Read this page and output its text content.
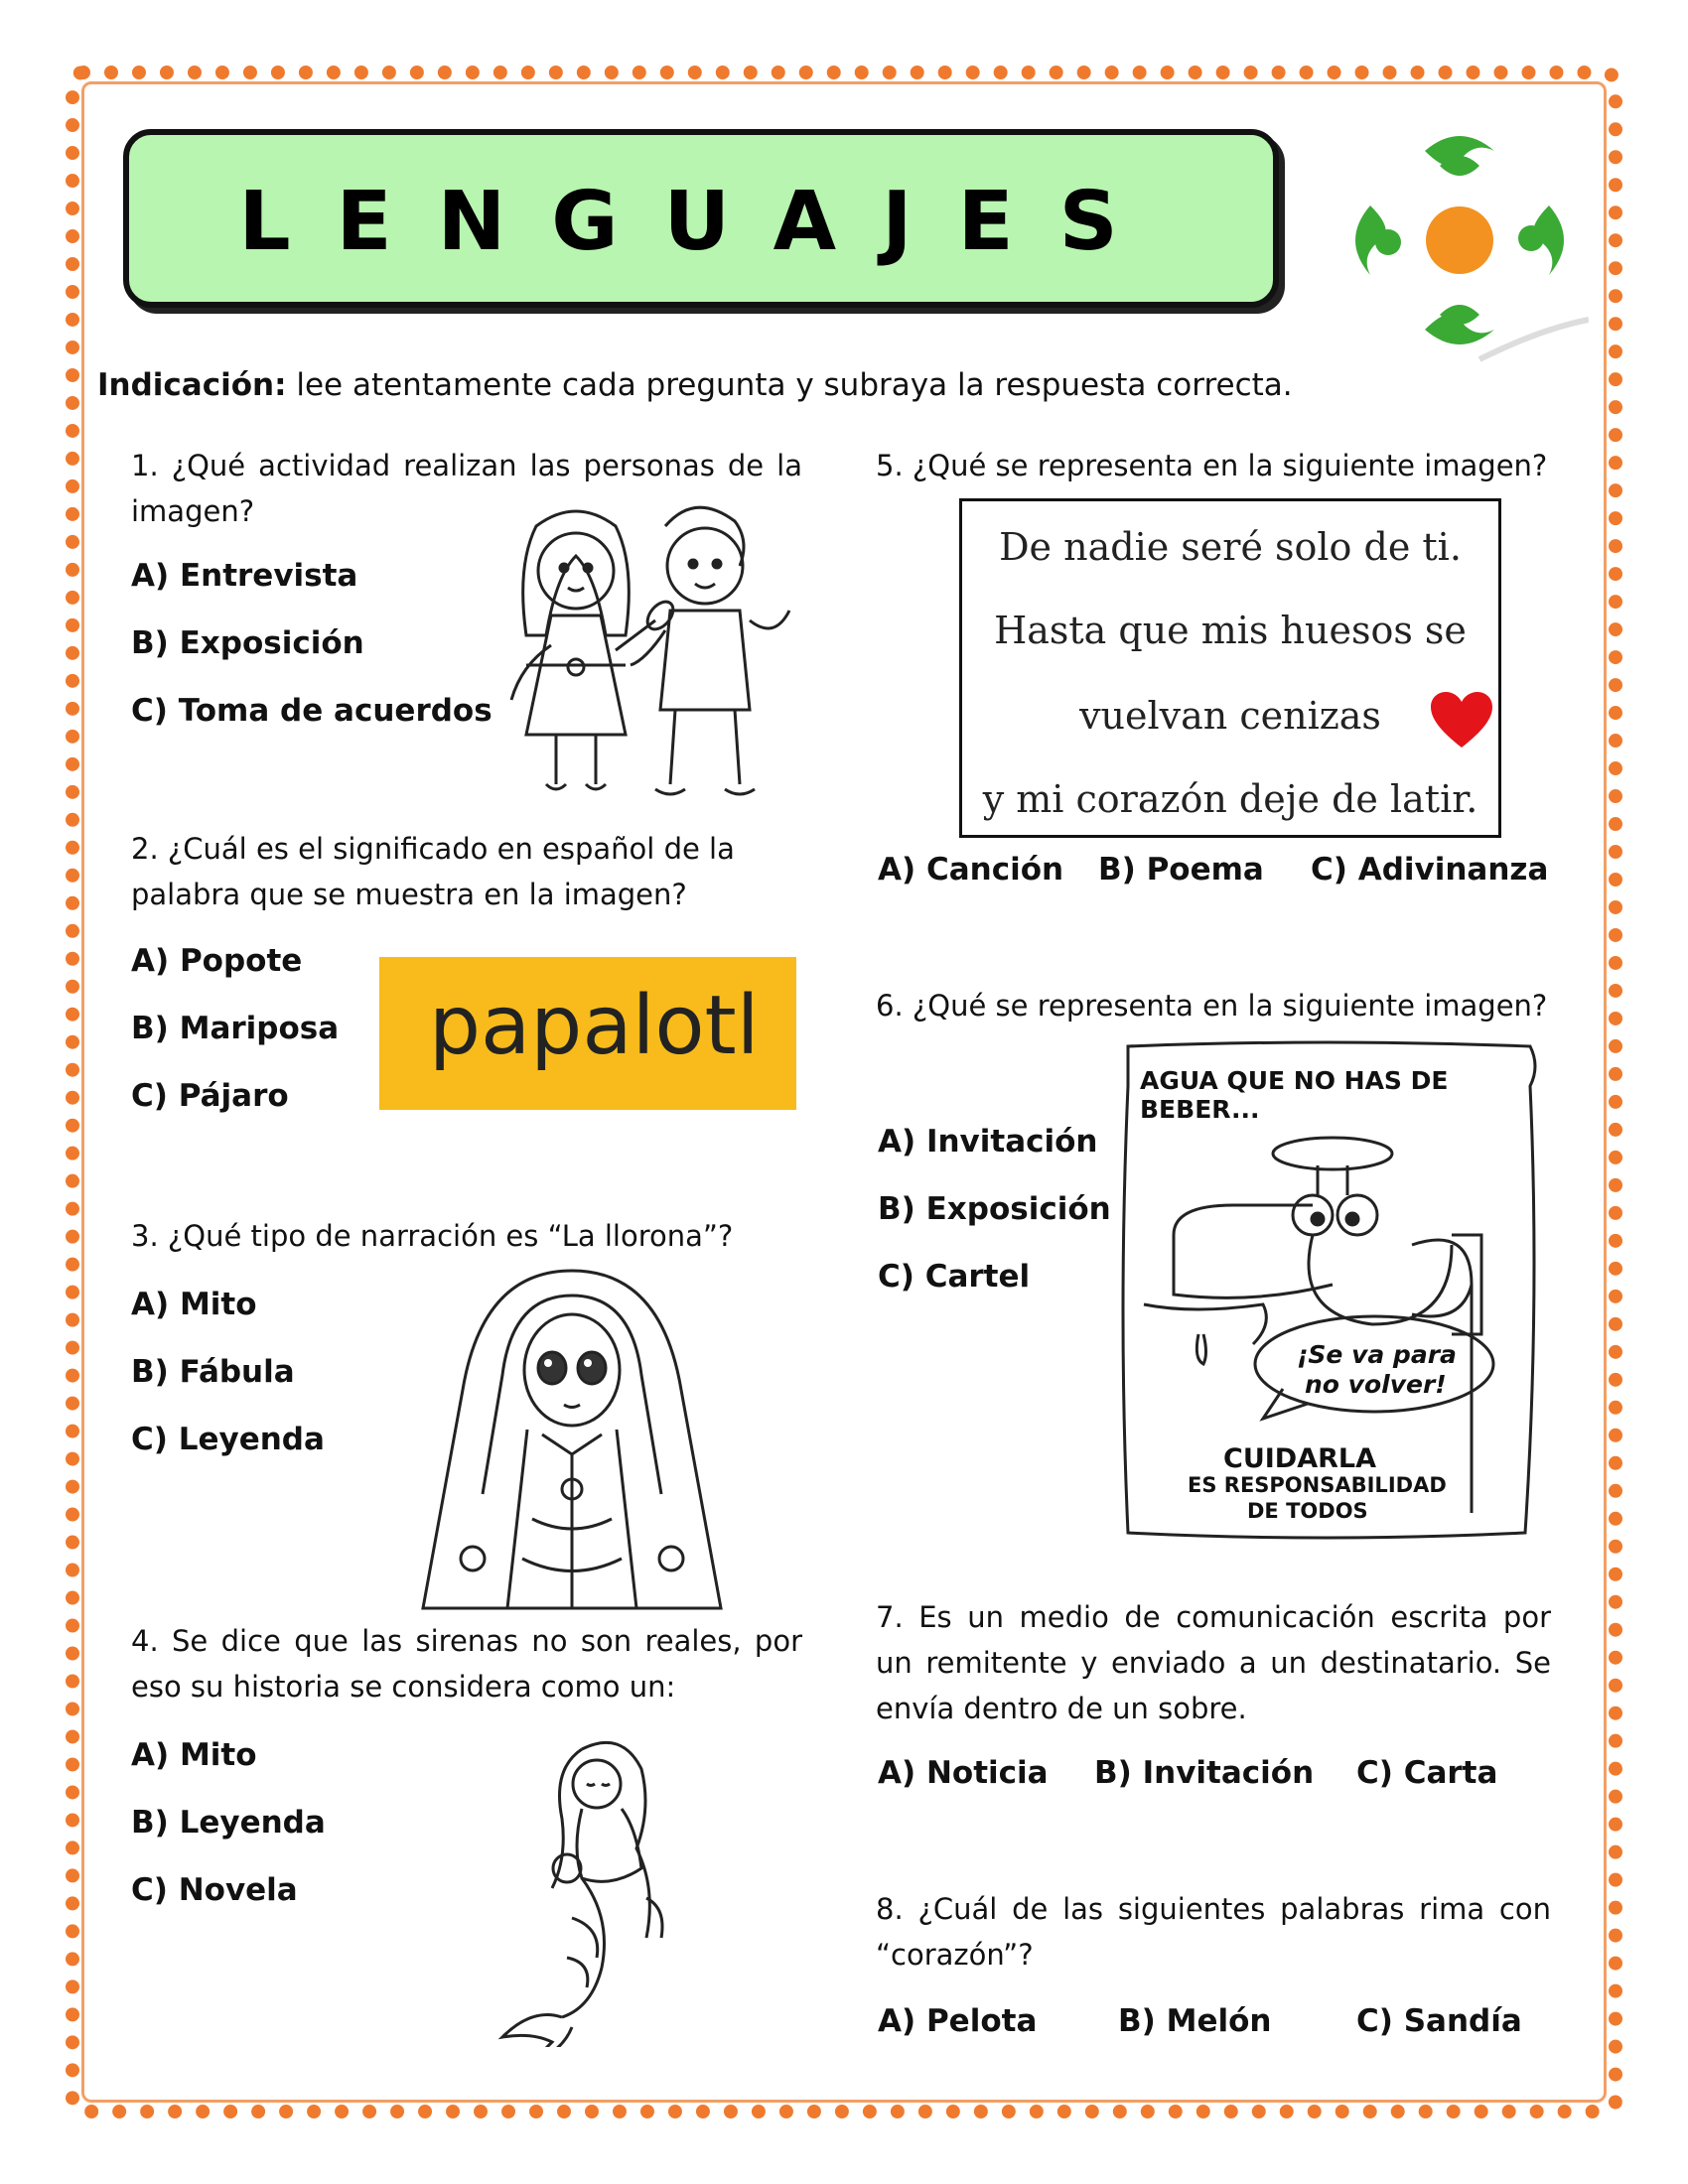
LENGUAJES
Indicación: lee atentamente cada pregunta y subraya la respuesta correcta.
1. ¿Qué actividad realizan las personas de la imagen?
A) Entrevista
B) Exposición
C) Toma de acuerdos
2. ¿Cuál es el significado en español de la palabra que se muestra en la imagen?
A) Popote
B) Mariposa
C) Pájaro
papalotl
3. ¿Qué tipo de narración es “La llorona”?
A) Mito
B) Fábula
C) Leyenda
4. Se dice que las sirenas no son reales, por eso su historia se considera como un:
A) Mito
B) Leyenda
C) Novela
5. ¿Qué se representa en la siguiente imagen?
De nadie seré solo de ti.
Hasta que mis huesos se
vuelvan cenizas
y mi corazón deje de latir.
A) Canción B) Poema C) Adivinanza
6. ¿Qué se representa en la siguiente imagen?
A) Invitación
B) Exposición
C) Cartel
AGUA QUE NO HAS DE BEBER...
¡Se va para
no volver!
CUIDARLA
ES RESPONSABILIDAD
DE TODOS
7. Es un medio de comunicación escrita por un remitente y enviado a un destinatario. Se envía dentro de un sobre.
A) Noticia B) Invitación C) Carta
8. ¿Cuál de las siguientes palabras rima con “corazón”?
A) Pelota	B) Melón	C) Sandía
